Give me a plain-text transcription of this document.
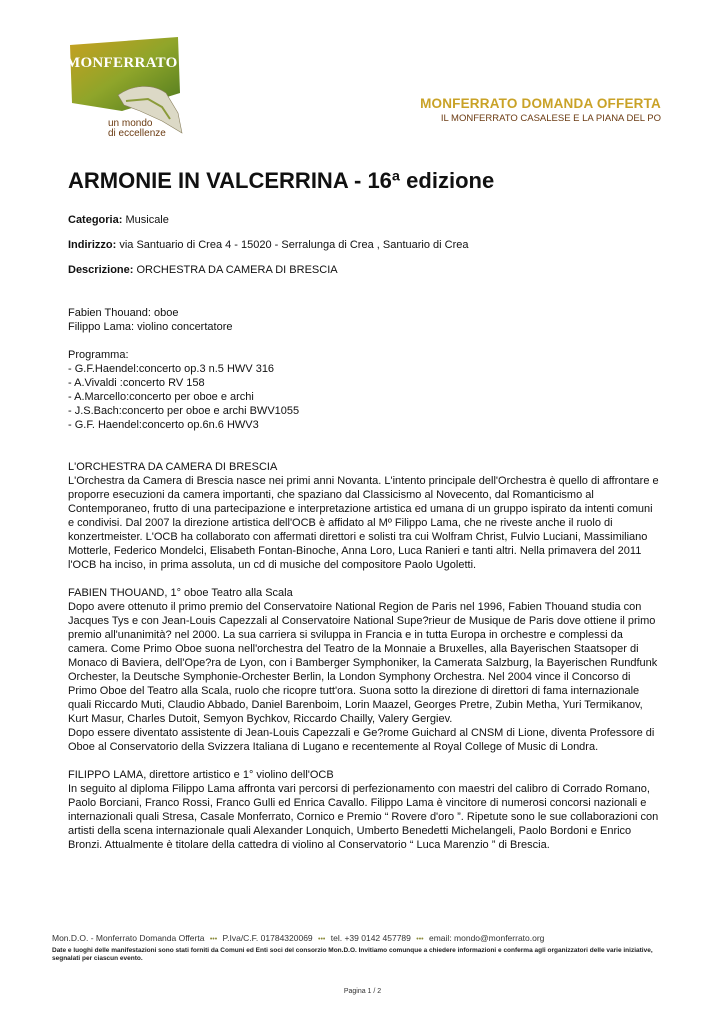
MONFERRATO
un mondo
di eccellenze
MONFERRATO DOMANDA OFFERTA
IL MONFERRATO CASALESE E LA PIANA DEL PO
ARMONIE IN VALCERRINA - 16ª edizione
Categoria: Musicale
Indirizzo: via Santuario di Crea 4 - 15020 - Serralunga di Crea , Santuario di Crea
Descrizione: ORCHESTRA DA CAMERA DI BRESCIA

Fabien Thouand: oboe

Filippo Lama: violino concertatore

Programma:

- G.F.Haendel:concerto op.3 n.5 HWV 316

- A.Vivaldi :concerto RV 158

- A.Marcello:concerto per oboe e archi

- J.S.Bach:concerto per oboe e archi BWV1055

- G.F. Haendel:concerto op.6n.6 HWV3

L'ORCHESTRA DA CAMERA DI BRESCIA

L'Orchestra da Camera di Brescia nasce nei primi anni Novanta. L'intento principale dell'Orchestra è quello di affrontare e proporre esecuzioni da camera importanti, che spaziano dal Classicismo al Novecento, dal Romanticismo al Contemporaneo, frutto di una partecipazione e interpretazione artistica ed umana di un gruppo ispirato da intenti comuni e condivisi. Dal 2007 la direzione artistica dell'OCB è affidato al Mº Filippo Lama, che ne riveste anche il ruolo di konzertmeister. L'OCB ha collaborato con affermati direttori e solisti tra cui Wolfram Christ, Fulvio Luciani, Massimiliano Motterle, Federico Mondelci, Elisabeth Fontan-Binoche, Anna Loro, Luca Ranieri e tanti altri. Nella primavera del 2011 l'OCB ha inciso, in prima assoluta, un cd di musiche del compositore Paolo Ugoletti.

FABIEN THOUAND, 1° oboe Teatro alla Scala

Dopo avere ottenuto il primo premio del Conservatoire National Region de Paris nel 1996, Fabien Thouand studia con Jacques Tys e con Jean-Louis Capezzali al Conservatoire National Supe?rieur de Musique de Paris dove ottiene il primo premio all'unanimità? nel 2000. La sua carriera si sviluppa in Francia e in tutta Europa in orchestre e complessi da camera. Come Primo Oboe suona nell'orchestra del Teatro de la Monnaie a Bruxelles, alla Bayerischen Staatsoper di Monaco di Baviera, dell'Ope?ra de Lyon, con i Bamberger Symphoniker, la Camerata Salzburg, la Bayerischen Rundfunk Orchester, la Deutsche Symphonie-Orchester Berlin, la London Symphony Orchestra. Nel 2004 vince il Concorso di Primo Oboe del Teatro alla Scala, ruolo che ricopre tutt'ora. Suona sotto la direzione di direttori di fama internazionale quali Riccardo Muti, Claudio Abbado, Daniel Barenboim, Lorin Maazel, Georges Pretre, Zubin Metha, Yuri Termikanov, Kurt Masur, Charles Dutoit, Semyon Bychkov, Riccardo Chailly, Valery Gergiev.

Dopo essere diventato assistente di Jean-Louis Capezzali e Ge?rome Guichard al CNSM di Lione, diventa Professore di Oboe al Conservatorio della Svizzera Italiana di Lugano e recentemente al Royal College of Music di Londra.

FILIPPO LAMA, direttore artistico e 1° violino dell'OCB

In seguito al diploma Filippo Lama affronta vari percorsi di perfezionamento con maestri del calibro di Corrado Romano, Paolo Borciani, Franco Rossi, Franco Gulli ed Enrica Cavallo. Filippo Lama è vincitore di numerosi concorsi nazionali e internazionali quali Stresa, Casale Monferrato, Cornico e Premio “ Rovere d'oro ”. Ripetute sono le sue collaborazioni con artisti della scena internazionale quali Alexander Lonquich, Umberto Benedetti Michelangeli, Paolo Bordoni e Enrico Bronzi. Attualmente è titolare della cattedra di violino al Conservatorio “ Luca Marenzio ” di Brescia.

Mon.D.O. - Monferrato Domanda Offerta ••• P.Iva/C.F. 01784320069 ••• tel. +39 0142 457789 ••• email: mondo@monferrato.org
Date e luoghi delle manifestazioni sono stati forniti da Comuni ed Enti soci del consorzio Mon.D.O. Invitiamo comunque a chiedere informazioni e conferma agli organizzatori delle varie iniziative, segnalati per ciascun evento.
Pagina 1 / 2
